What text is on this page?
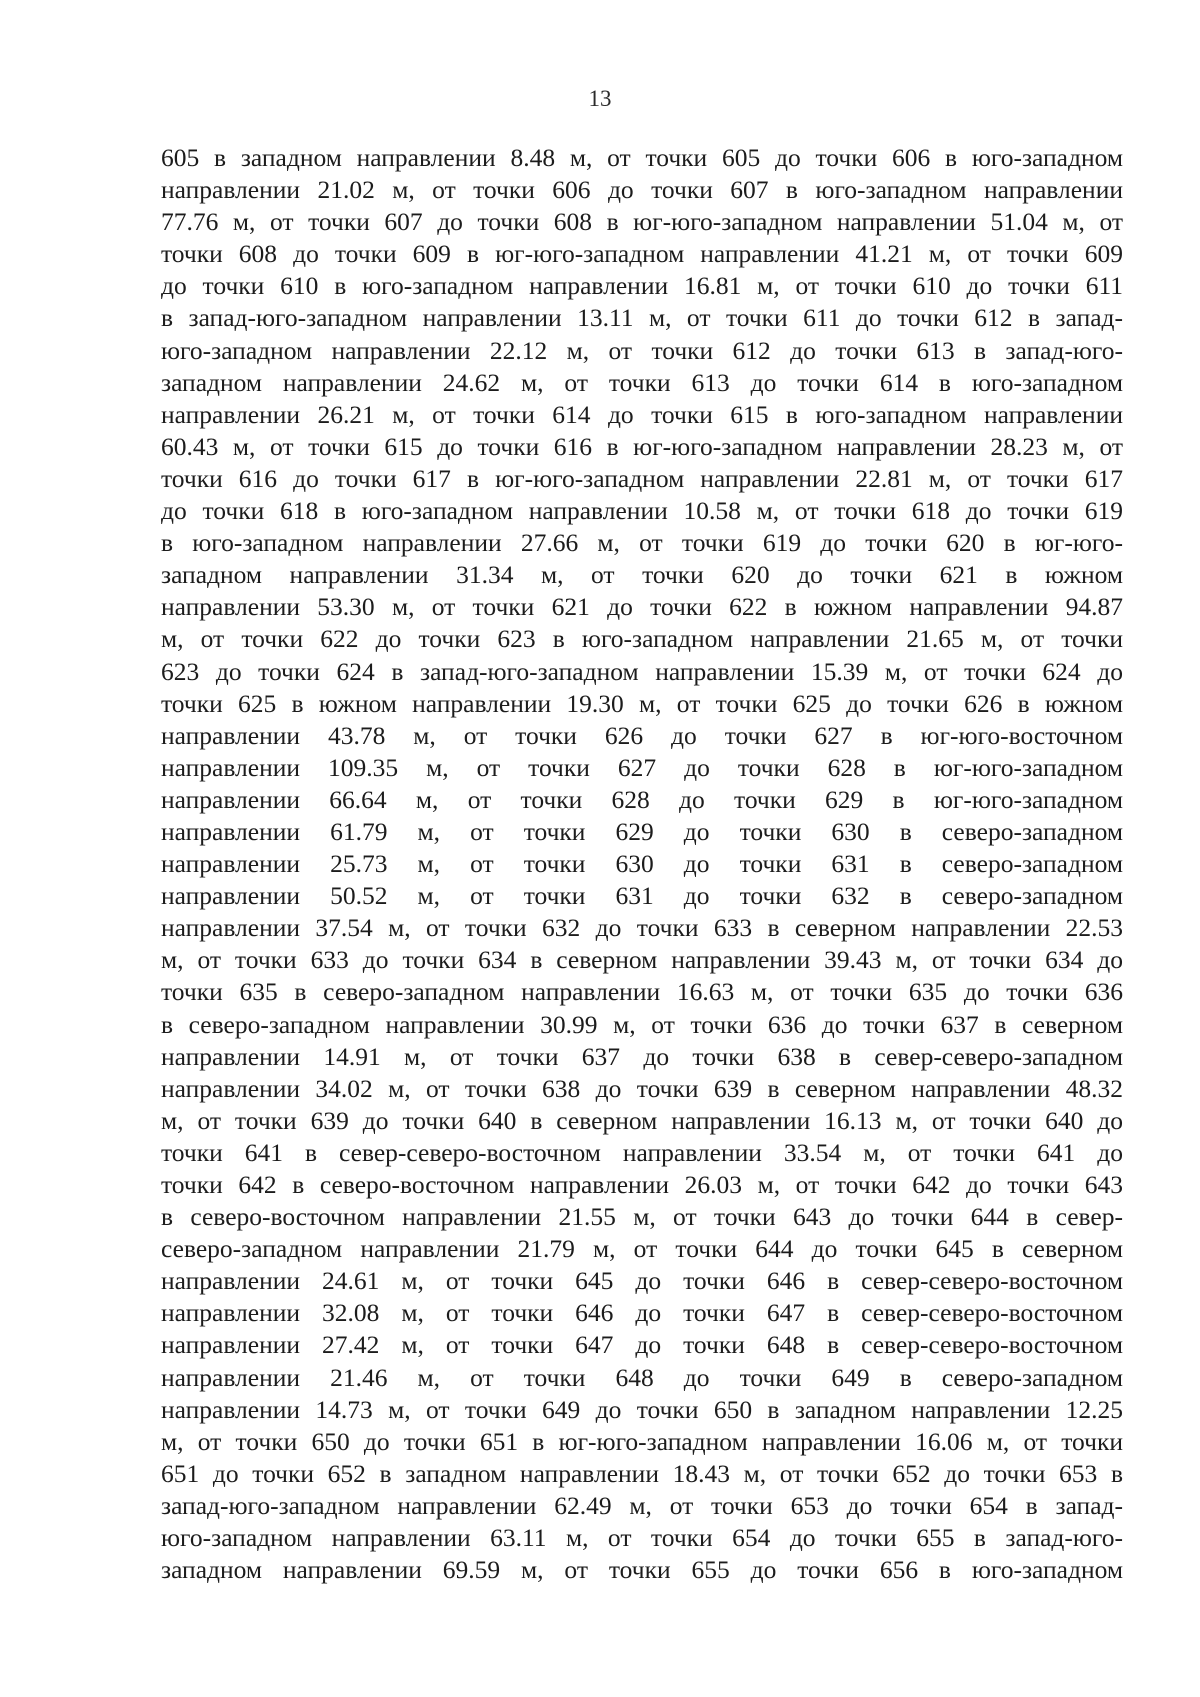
13
605 в западном направлении 8.48 м, от точки 605 до точки 606 в юго-западном
направлении 21.02 м, от точки 606 до точки 607 в юго-западном направлении
77.76 м, от точки 607 до точки 608 в юг-юго-западном направлении 51.04 м, от
точки 608 до точки 609 в юг-юго-западном направлении 41.21 м, от точки 609
до точки 610 в юго-западном направлении 16.81 м, от точки 610 до точки 611
в запад-юго-западном направлении 13.11 м, от точки 611 до точки 612 в запад-
юго-западном направлении 22.12 м, от точки 612 до точки 613 в запад-юго-
западном направлении 24.62 м, от точки 613 до точки 614 в юго-западном
направлении 26.21 м, от точки 614 до точки 615 в юго-западном направлении
60.43 м, от точки 615 до точки 616 в юг-юго-западном направлении 28.23 м, от
точки 616 до точки 617 в юг-юго-западном направлении 22.81 м, от точки 617
до точки 618 в юго-западном направлении 10.58 м, от точки 618 до точки 619
в юго-западном направлении 27.66 м, от точки 619 до точки 620 в юг-юго-
западном направлении 31.34 м, от точки 620 до точки 621 в южном
направлении 53.30 м, от точки 621 до точки 622 в южном направлении 94.87
м, от точки 622 до точки 623 в юго-западном направлении 21.65 м, от точки
623 до точки 624 в запад-юго-западном направлении 15.39 м, от точки 624 до
точки 625 в южном направлении 19.30 м, от точки 625 до точки 626 в южном
направлении 43.78 м, от точки 626 до точки 627 в юг-юго-восточном
направлении 109.35 м, от точки 627 до точки 628 в юг-юго-западном
направлении 66.64 м, от точки 628 до точки 629 в юг-юго-западном
направлении 61.79 м, от точки 629 до точки 630 в северо-западном
направлении 25.73 м, от точки 630 до точки 631 в северо-западном
направлении 50.52 м, от точки 631 до точки 632 в северо-западном
направлении 37.54 м, от точки 632 до точки 633 в северном направлении 22.53
м, от точки 633 до точки 634 в северном направлении 39.43 м, от точки 634 до
точки 635 в северо-западном направлении 16.63 м, от точки 635 до точки 636
в северо-западном направлении 30.99 м, от точки 636 до точки 637 в северном
направлении 14.91 м, от точки 637 до точки 638 в север-северо-западном
направлении 34.02 м, от точки 638 до точки 639 в северном направлении 48.32
м, от точки 639 до точки 640 в северном направлении 16.13 м, от точки 640 до
точки 641 в север-северо-восточном направлении 33.54 м, от точки 641 до
точки 642 в северо-восточном направлении 26.03 м, от точки 642 до точки 643
в северо-восточном направлении 21.55 м, от точки 643 до точки 644 в север-
северо-западном направлении 21.79 м, от точки 644 до точки 645 в северном
направлении 24.61 м, от точки 645 до точки 646 в север-северо-восточном
направлении 32.08 м, от точки 646 до точки 647 в север-северо-восточном
направлении 27.42 м, от точки 647 до точки 648 в север-северо-восточном
направлении 21.46 м, от точки 648 до точки 649 в северо-западном
направлении 14.73 м, от точки 649 до точки 650 в западном направлении 12.25
м, от точки 650 до точки 651 в юг-юго-западном направлении 16.06 м, от точки
651 до точки 652 в западном направлении 18.43 м, от точки 652 до точки 653 в
запад-юго-западном направлении 62.49 м, от точки 653 до точки 654 в запад-
юго-западном направлении 63.11 м, от точки 654 до точки 655 в запад-юго-
западном направлении 69.59 м, от точки 655 до точки 656 в юго-западном
